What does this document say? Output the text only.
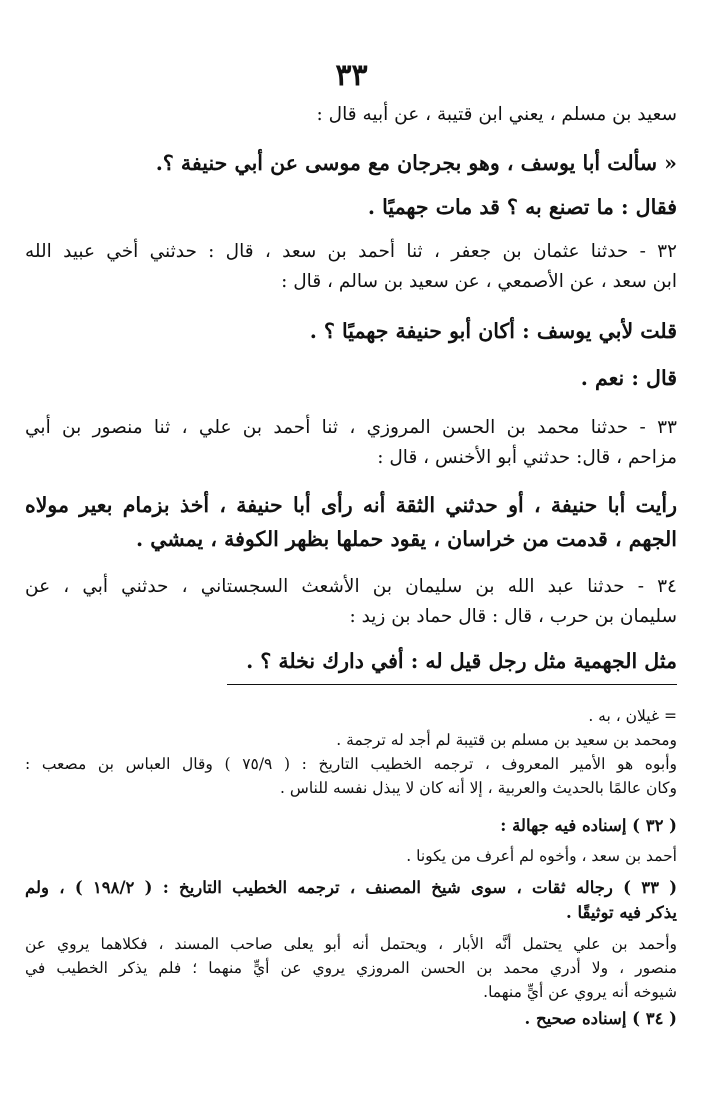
٣٣
سعيد بن مسلم ، يعني ابن قتيبة ، عن أبيه قال :
« سألت أبا يوسف ، وهو بجرجان مع موسى عن أبي حنيفة ؟.
فقال : ما تصنع به ؟ قد مات جهميًا .
٣٢ - حدثنا عثمان بن جعفر ، ثنا أحمد بن سعد ، قال : حدثني أخي عبيد الله
ابن سعد ، عن الأصمعي ، عن سعيد بن سالم ، قال :
قلت لأبي يوسف : أكان أبو حنيفة جهميًا ؟ .
قال : نعم .
٣٣ - حدثنا محمد بن الحسن المروزي ، ثنا أحمد بن علي ، ثنا منصور بن أبي
مزاحم ، قال: حدثني أبو الأخنس ، قال :
رأيت أبا حنيفة ، أو حدثني الثقة أنه رأى أبا حنيفة ، أخذ بزمام بعير مولاه
الجهم ، قدمت من خراسان ، يقود حملها بظهر الكوفة ، يمشي .
٣٤ - حدثنا عبد الله بن سليمان بن الأشعث السجستاني ، حدثني أبي ، عن
سليمان بن حرب ، قال : قال حماد بن زيد :
مثل الجهمية مثل رجل قيل له : أفي دارك نخلة ؟ .
= غيلان ، به .
ومحمد بن سعيد بن مسلم بن قتيبة لم أجد له ترجمة .
وأبوه هو الأمير المعروف ، ترجمه الخطيب التاريخ : ( ٧٥/٩ ) وقال العباس بن مصعب :
وكان عالمًا بالحديث والعربية ، إلا أنه كان لا يبذل نفسه للناس .
( ٣٢ ) إسناده فيه جهالة :
أحمد بن سعد ، وأخوه لم أعرف من يكونا .
( ٣٣ ) رجاله ثقات ، سوى شيخ المصنف ، ترجمه الخطيب التاريخ : ( ١٩٨/٢ ) ، ولم
يذكر فيه توثيقًا .
وأحمد بن علي يحتمل أنَّه الأبار ، ويحتمل أنه أبو يعلى صاحب المسند ، فكلاهما يروي عن
منصور ، ولا أدري محمد بن الحسن المروزي يروي عن أيٍّ منهما ؛ فلم يذكر الخطيب في
شيوخه أنه يروي عن أيٍّ منهما.
( ٣٤ ) إسناده صحيح .
